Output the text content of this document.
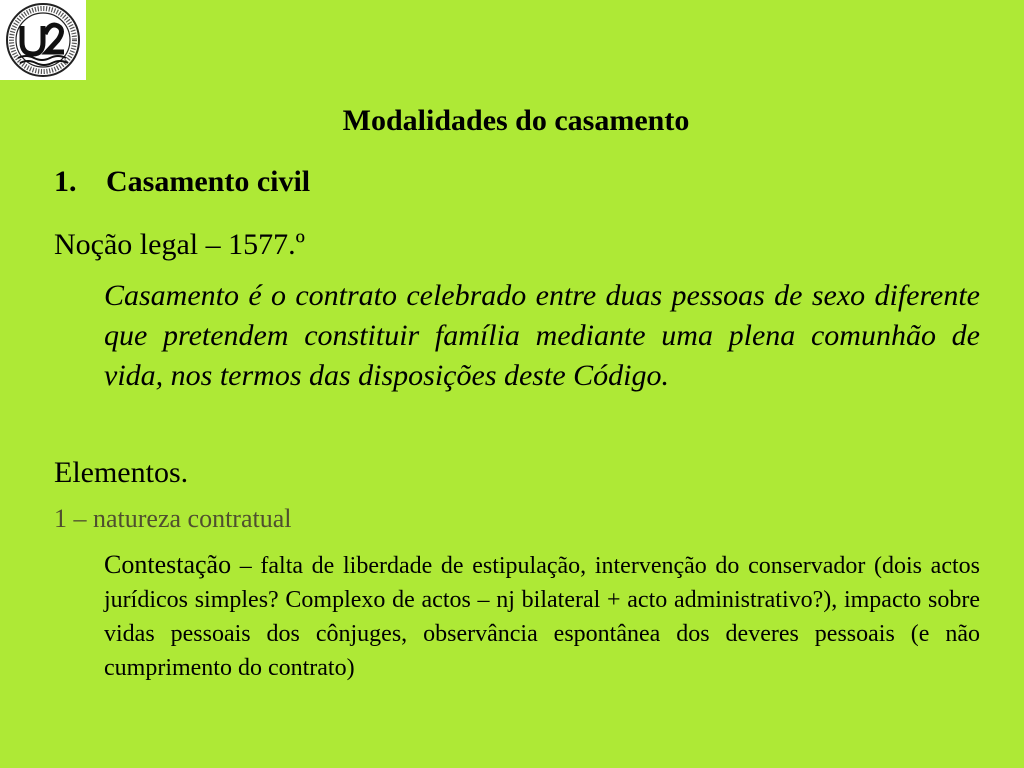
Modalidades do casamento
1. Casamento civil
Noção legal – 1577.º
Casamento é o contrato celebrado entre duas pessoas de sexo diferente que pretendem constituir família mediante uma plena comunhão de vida, nos termos das disposições deste Código.
Elementos.
1 – natureza contratual
Contestação – falta de liberdade de estipulação, intervenção do conservador (dois actos jurídicos simples? Complexo de actos – nj bilateral + acto administrativo?), impacto sobre vidas pessoais dos cônjuges, observância espontânea dos deveres pessoais (e não cumprimento do contrato)
